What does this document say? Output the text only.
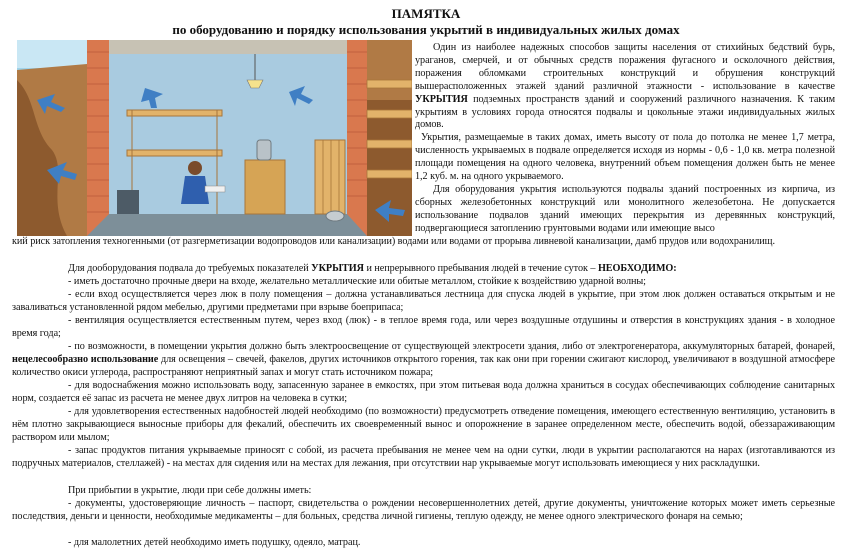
ПАМЯТКА
по оборудованию и порядку использования укрытий в индивидуальных жилых домах

Один из наиболее надежных способов защиты населения от стихийных бедствий бурь, ураганов, смерчей, и от обычных средств поражения фугасного и осколочного действия, поражения обломками строительных конструкций и обрушения конструкций вышерасположенных этажей зданий различной этажности - использование в качестве УКРЫТИЯ подземных пространств зданий и сооружений различного назначения. К таким укрытиям в условиях города относятся подвалы и цокольные этажи индивидуальных жилых домов.

Укрытия, размещаемые в таких домах, иметь высоту от пола до потолка не менее 1,7 метра, численность укрываемых в подвале определяется исходя из нормы - 0,6 - 1,0 кв. метра полезной площади помещения на одного человека, внутренний объем помещения должен быть не менее 1,2 куб. м. на одного укрываемого.

Для оборудования укрытия используются подвалы зданий построенных из кирпича, из сборных железобетонных конструкций или монолитного железобетона. Не допускается использование подвалов зданий имеющих перекрытия из деревянных конструкций, подвергающиеся затоплению грунтовыми водами или имеющие высо

кий риск затопления техногенными (от разгерметизации водопроводов или канализации) водами или водами от прорыва ливневой канализации, дамб прудов или водохранилищ.

Для дооборудования подвала до требуемых показателей УКРЫТИЯ и непрерывного пребывания людей в течение суток – НЕОБХОДИМО:

- иметь достаточно прочные двери на входе, желательно металлические или обитые металлом, стойкие к воздействию ударной волны;

- если вход осуществляется через люк в полу помещения – должна устанавливаться лестница для спуска людей в укрытие, при этом люк должен оставаться открытым и не заваливаться установленной рядом мебелью, другими предметами при взрыве боеприпаса;

- вентиляция осуществляется естественным путем, через вход (люк) - в теплое время года, или через воздушные отдушины и отверстия в конструкциях здания - в холодное время года;

- по возможности, в помещении укрытия должно быть электроосвещение от существующей электросети здания, либо от электрогенератора, аккумуляторных батарей, фонарей, нецелесообразно использование для освещения – свечей, факелов, других источников открытого горения, так как они при горении сжигают кислород, увеличивают в воздушной атмосфере количество окиси углерода, распространяют неприятный запах и могут стать источником пожара;

- для водоснабжения можно использовать воду, запасенную заранее в емкостях, при этом питьевая вода должна храниться в сосудах обеспечивающих соблюдение санитарных норм, создается её запас из расчета не менее двух литров на человека в сутки;

- для удовлетворения естественных надобностей людей необходимо (по возможности) предусмотреть отведение помещения, имеющего естественную вентиляцию, установить в нём плотно закрывающиеся выносные приборы для фекалий, обеспечить их своевременный вынос и опорожнение в заранее определенном месте, обеспечить водой, обеззараживающим раствором или мылом;

- запас продуктов питания укрываемые приносят с собой, из расчета пребывания не менее чем на одни сутки, люди в укрытии располагаются на нарах (изготавливаются из подручных материалов, стеллажей) - на местах для сидения или на местах для лежания, при отсутствии нар укрываемые могут использовать имеющиеся у них раскладушки.

При прибытии в укрытие, люди при себе должны иметь:

- документы, удостоверяющие личность – паспорт, свидетельства о рождении несовершеннолетних детей, другие документы, уничтожение которых может иметь серьезные последствия, деньги и ценности, необходимые медикаменты – для больных, средства личной гигиены, теплую одежду, не менее одного электрического фонаря на семью;

- для малолетних детей необходимо иметь подушку, одеяло, матрац.
